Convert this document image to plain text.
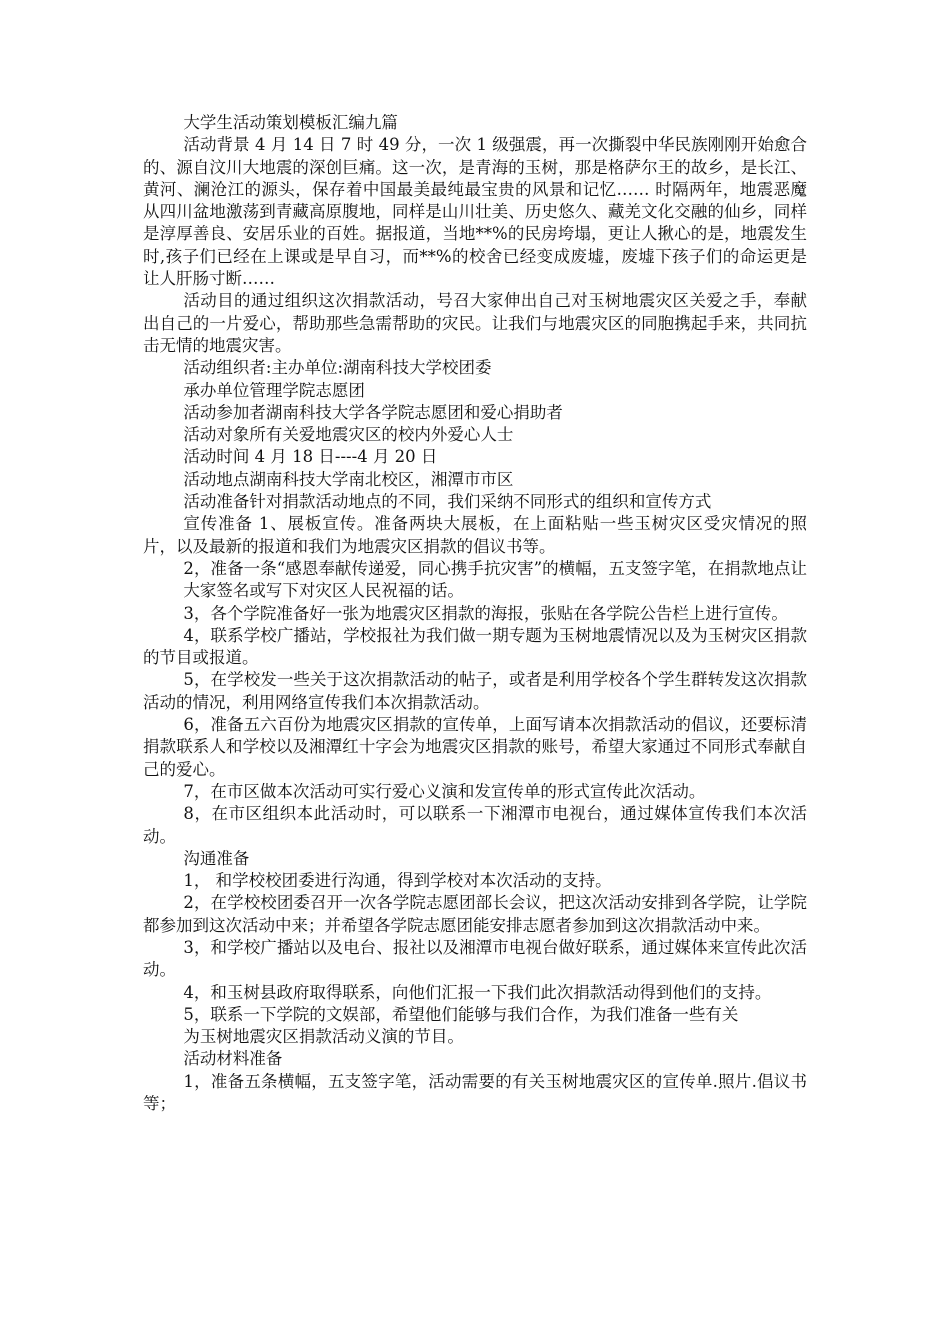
大学生活动策划模板汇编九篇

活动背景 4 月 14 日 7 时 49 分，一次 1 级强震，再一次撕裂中华民族刚刚开始愈合的、源自汶川大地震的深创巨痛。这一次，是青海的玉树，那是格萨尔王的故乡，是长江、黄河、澜沧江的源头，保存着中国最美最纯最宝贵的风景和记忆…… 时隔两年，地震恶魔从四川盆地激荡到青藏高原腹地，同样是山川壮美、历史悠久、藏羌文化交融的仙乡，同样是淳厚善良、安居乐业的百姓。据报道，当地**%的民房垮塌，更让人揪心的是，地震发生时,孩子们已经在上课或是早自习，而**%的校舍已经变成废墟，废墟下孩子们的命运更是让人肝肠寸断……

活动目的通过组织这次捐款活动，号召大家伸出自己对玉树地震灾区关爱之手，奉献出自己的一片爱心，帮助那些急需帮助的灾民。让我们与地震灾区的同胞携起手来，共同抗击无情的地震灾害。

活动组织者:主办单位:湖南科技大学校团委

承办单位管理学院志愿团

活动参加者湖南科技大学各学院志愿团和爱心捐助者

活动对象所有关爱地震灾区的校内外爱心人士

活动时间 4 月 18 日----4 月 20 日

活动地点湖南科技大学南北校区，湘潭市市区

活动准备针对捐款活动地点的不同，我们采纳不同形式的组织和宣传方式

宣传准备 1、展板宣传。准备两块大展板，在上面粘贴一些玉树灾区受灾情况的照片，以及最新的报道和我们为地震灾区捐款的倡议书等。

2，准备一条“感恩奉献传递爱，同心携手抗灾害”的横幅，五支签字笔，在捐款地点让大家签名或写下对灾区人民祝福的话。

3，各个学院准备好一张为地震灾区捐款的海报，张贴在各学院公告栏上进行宣传。

4，联系学校广播站，学校报社为我们做一期专题为玉树地震情况以及为玉树灾区捐款的节目或报道。

5，在学校发一些关于这次捐款活动的帖子，或者是利用学校各个学生群转发这次捐款活动的情况，利用网络宣传我们本次捐款活动。

6，准备五六百份为地震灾区捐款的宣传单，上面写请本次捐款活动的倡议，还要标清捐款联系人和学校以及湘潭红十字会为地震灾区捐款的账号，希望大家通过不同形式奉献自己的爱心。

7，在市区做本次活动可实行爱心义演和发宣传单的形式宣传此次活动。

8，在市区组织本此活动时，可以联系一下湘潭市电视台，通过媒体宣传我们本次活动。

沟通准备

1， 和学校校团委进行沟通，得到学校对本次活动的支持。

2，在学校校团委召开一次各学院志愿团部长会议，把这次活动安排到各学院，让学院都参加到这次活动中来；并希望各学院志愿团能安排志愿者参加到这次捐款活动中来。

3，和学校广播站以及电台、报社以及湘潭市电视台做好联系，通过媒体来宣传此次活动。

4，和玉树县政府取得联系，向他们汇报一下我们此次捐款活动得到他们的支持。

5，联系一下学院的文娱部，希望他们能够与我们合作，为我们准备一些有关

为玉树地震灾区捐款活动义演的节目。

活动材料准备

1，准备五条横幅，五支签字笔，活动需要的有关玉树地震灾区的宣传单.照片.倡议书等；
